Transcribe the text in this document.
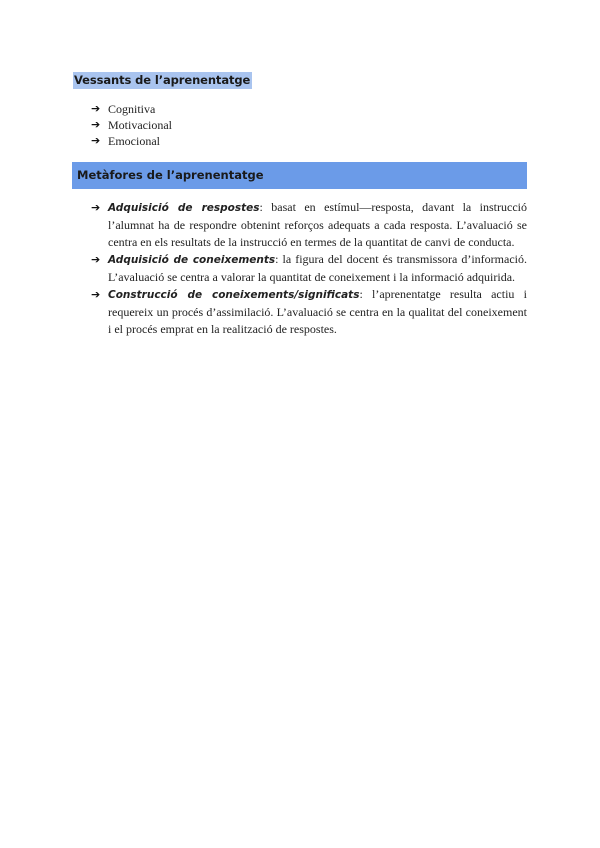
Vessants de l’aprenentatge
➔ Cognitiva
➔ Motivacional
➔ Emocional
Metàfores de l’aprenentatge
➔ Adquisició de respostes: basat en estímul—resposta, davant la instrucció l’alumnat ha de respondre obtenint reforços adequats a cada resposta. L’avaluació se centra en els resultats de la instrucció en termes de la quantitat de canvi de conducta.
➔ Adquisició de coneixements: la figura del docent és transmissora d’informació. L’avaluació se centra a valorar la quantitat de coneixement i la informació adquirida.
➔ Construcció de coneixements/significats: l’aprenentatge resulta actiu i requereix un procés d’assimilació. L’avaluació se centra en la qualitat del coneixement i el procés emprat en la realització de respostes.
